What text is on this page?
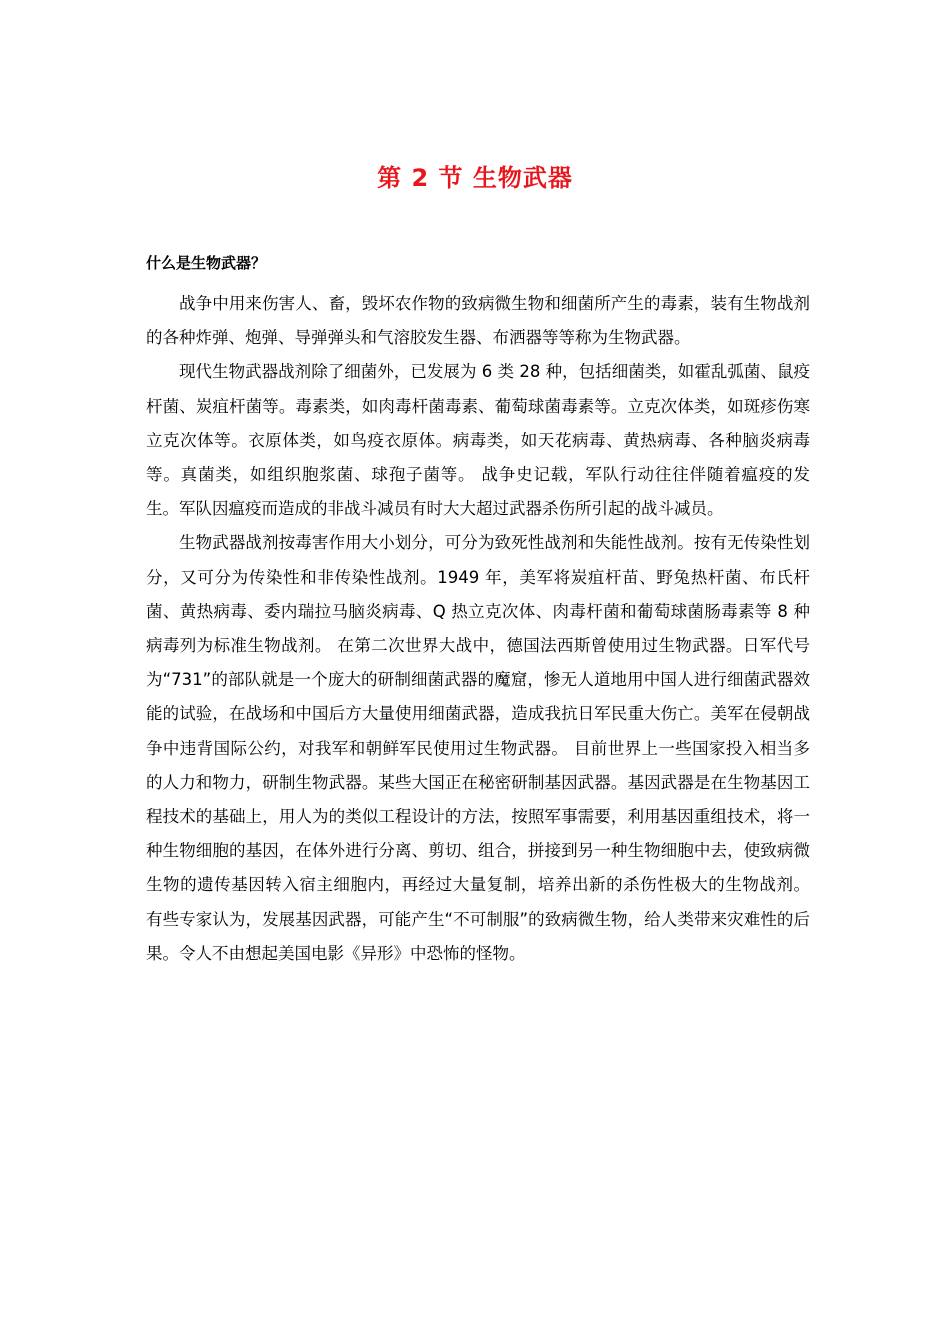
第 2 节 生物武器
什么是生物武器？

战争中用来伤害人、畜，毁坏农作物的致病微生物和细菌所产生的毒素，装有生物战剂的各种炸弹、炮弹、导弹弹头和气溶胶发生器、布洒器等等称为生物武器。

现代生物武器战剂除了细菌外，已发展为 6 类 28 种，包括细菌类，如霍乱弧菌、鼠疫杆菌、炭疽杆菌等。毒素类，如肉毒杆菌毒素、葡萄球菌毒素等。立克次体类，如斑疹伤寒立克次体等。衣原体类，如鸟疫衣原体。病毒类，如天花病毒、黄热病毒、各种脑炎病毒等。真菌类，如组织胞浆菌、球孢子菌等。 战争史记载，军队行动往往伴随着瘟疫的发生。军队因瘟疫而造成的非战斗减员有时大大超过武器杀伤所引起的战斗减员。

生物武器战剂按毒害作用大小划分，可分为致死性战剂和失能性战剂。按有无传染性划分，又可分为传染性和非传染性战剂。1949 年，美军将炭疽杆苗、野兔热杆菌、布氏杆菌、黄热病毒、委内瑞拉马脑炎病毒、Q 热立克次体、肉毒杆菌和葡萄球菌肠毒素等 8 种病毒列为标准生物战剂。 在第二次世界大战中，德国法西斯曾使用过生物武器。日军代号为“731”的部队就是一个庞大的研制细菌武器的魔窟，惨无人道地用中国人进行细菌武器效能的试验，在战场和中国后方大量使用细菌武器，造成我抗日军民重大伤亡。美军在侵朝战争中违背国际公约，对我军和朝鲜军民使用过生物武器。 目前世界上一些国家投入相当多的人力和物力，研制生物武器。某些大国正在秘密研制基因武器。基因武器是在生物基因工程技术的基础上，用人为的类似工程设计的方法，按照军事需要，利用基因重组技术，将一种生物细胞的基因，在体外进行分离、剪切、组合，拼接到另一种生物细胞中去，使致病微生物的遗传基因转入宿主细胞内，再经过大量复制，培养出新的杀伤性极大的生物战剂。 有些专家认为，发展基因武器，可能产生“不可制服”的致病微生物，给人类带来灾难性的后果。令人不由想起美国电影《异形》中恐怖的怪物。
